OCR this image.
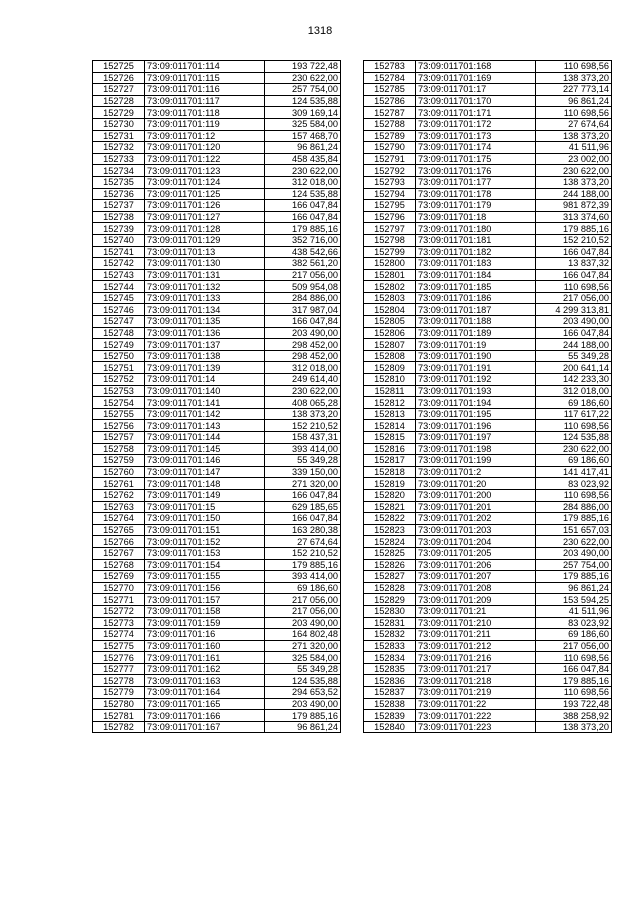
1318
152725	73:09:011701:114	193 722,48
152726	73:09:011701:115	230 622,00
152727	73:09:011701:116	257 754,00
152728	73:09:011701:117	124 535,88
152729	73:09:011701:118	309 169,14
152730	73:09:011701:119	325 584,00
152731	73:09:011701:12	157 468,70
152732	73:09:011701:120	96 861,24
152733	73:09:011701:122	458 435,84
152734	73:09:011701:123	230 622,00
152735	73:09:011701:124	312 018,00
152736	73:09:011701:125	124 535,88
152737	73:09:011701:126	166 047,84
152738	73:09:011701:127	166 047,84
152739	73:09:011701:128	179 885,16
152740	73:09:011701:129	352 716,00
152741	73:09:011701:13	438 542,66
152742	73:09:011701:130	382 561,20
152743	73:09:011701:131	217 056,00
152744	73:09:011701:132	509 954,08
152745	73:09:011701:133	284 886,00
152746	73:09:011701:134	317 987,04
152747	73:09:011701:135	166 047,84
152748	73:09:011701:136	203 490,00
152749	73:09:011701:137	298 452,00
152750	73:09:011701:138	298 452,00
152751	73:09:011701:139	312 018,00
152752	73:09:011701:14	249 614,40
152753	73:09:011701:140	230 622,00
152754	73:09:011701:141	408 065,28
152755	73:09:011701:142	138 373,20
152756	73:09:011701:143	152 210,52
152757	73:09:011701:144	158 437,31
152758	73:09:011701:145	393 414,00
152759	73:09:011701:146	55 349,28
152760	73:09:011701:147	339 150,00
152761	73:09:011701:148	271 320,00
152762	73:09:011701:149	166 047,84
152763	73:09:011701:15	629 185,65
152764	73:09:011701:150	166 047,84
152765	73:09:011701:151	163 280,38
152766	73:09:011701:152	27 674,64
152767	73:09:011701:153	152 210,52
152768	73:09:011701:154	179 885,16
152769	73:09:011701:155	393 414,00
152770	73:09:011701:156	69 186,60
152771	73:09:011701:157	217 056,00
152772	73:09:011701:158	217 056,00
152773	73:09:011701:159	203 490,00
152774	73:09:011701:16	164 802,48
152775	73:09:011701:160	271 320,00
152776	73:09:011701:161	325 584,00
152777	73:09:011701:162	55 349,28
152778	73:09:011701:163	124 535,88
152779	73:09:011701:164	294 653,52
152780	73:09:011701:165	203 490,00
152781	73:09:011701:166	179 885,16
152782	73:09:011701:167	96 861,24
152783	73:09:011701:168	110 698,56
152784	73:09:011701:169	138 373,20
152785	73:09:011701:17	227 773,14
152786	73:09:011701:170	96 861,24
152787	73:09:011701:171	110 698,56
152788	73:09:011701:172	27 674,64
152789	73:09:011701:173	138 373,20
152790	73:09:011701:174	41 511,96
152791	73:09:011701:175	23 002,00
152792	73:09:011701:176	230 622,00
152793	73:09:011701:177	138 373,20
152794	73:09:011701:178	244 188,00
152795	73:09:011701:179	981 872,39
152796	73:09:011701:18	313 374,60
152797	73:09:011701:180	179 885,16
152798	73:09:011701:181	152 210,52
152799	73:09:011701:182	166 047,84
152800	73:09:011701:183	13 837,32
152801	73:09:011701:184	166 047,84
152802	73:09:011701:185	110 698,56
152803	73:09:011701:186	217 056,00
152804	73:09:011701:187	4 299 313,81
152805	73:09:011701:188	203 490,00
152806	73:09:011701:189	166 047,84
152807	73:09:011701:19	244 188,00
152808	73:09:011701:190	55 349,28
152809	73:09:011701:191	200 641,14
152810	73:09:011701:192	142 233,30
152811	73:09:011701:193	312 018,00
152812	73:09:011701:194	69 186,60
152813	73:09:011701:195	117 617,22
152814	73:09:011701:196	110 698,56
152815	73:09:011701:197	124 535,88
152816	73:09:011701:198	230 622,00
152817	73:09:011701:199	69 186,60
152818	73:09:011701:2	141 417,41
152819	73:09:011701:20	83 023,92
152820	73:09:011701:200	110 698,56
152821	73:09:011701:201	284 886,00
152822	73:09:011701:202	179 885,16
152823	73:09:011701:203	151 657,03
152824	73:09:011701:204	230 622,00
152825	73:09:011701:205	203 490,00
152826	73:09:011701:206	257 754,00
152827	73:09:011701:207	179 885,16
152828	73:09:011701:208	96 861,24
152829	73:09:011701:209	153 594,25
152830	73:09:011701:21	41 511,96
152831	73:09:011701:210	83 023,92
152832	73:09:011701:211	69 186,60
152833	73:09:011701:212	217 056,00
152834	73:09:011701:216	110 698,56
152835	73:09:011701:217	166 047,84
152836	73:09:011701:218	179 885,16
152837	73:09:011701:219	110 698,56
152838	73:09:011701:22	193 722,48
152839	73:09:011701:222	388 258,92
152840	73:09:011701:223	138 373,20
